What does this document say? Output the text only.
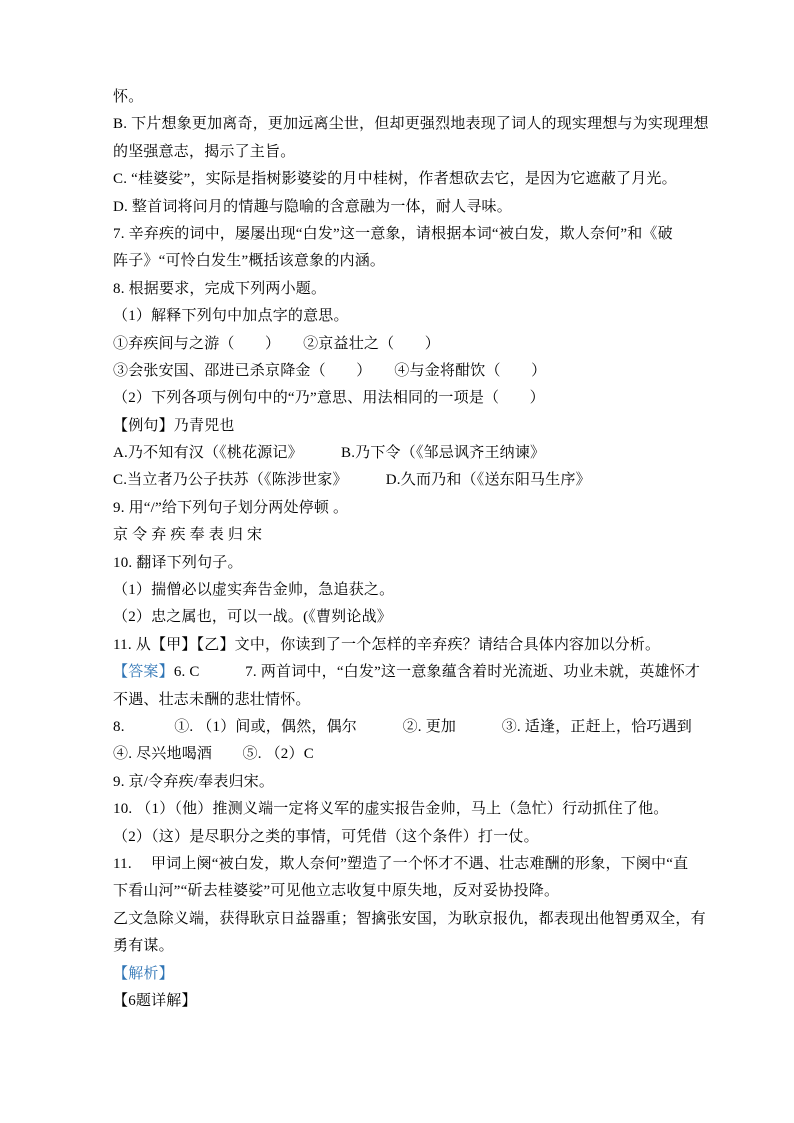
怀。
B. 下片想象更加离奇，更加远离尘世，但却更强烈地表现了词人的现实理想与为实现理想
的坚强意志，揭示了主旨。
C. “桂婆娑”，实际是指树影婆娑的月中桂树，作者想砍去它，是因为它遮蔽了月光。
D. 整首词将问月的情趣与隐喻的含意融为一体，耐人寻味。
7. 辛弃疾的词中，屡屡出现“白发”这一意象，请根据本词“被白发，欺人奈何”和《破
阵子》“可怜白发生”概括该意象的内涵。
8. 根据要求，完成下列两小题。
（1）解释下列句中加点字的意思。
①弃疾间与之游（　　）　　②京益壮之（　　）
③会张安国、邵进已杀京降金（　　）　　④与金将酣饮（　　）
（2）下列各项与例句中的“乃”意思、用法相同的一项是（　　）
【例句】乃青兕也
A.乃不知有汉（《桃花源记》　　　B.乃下令（《邹忌讽齐王纳谏》
C.当立者乃公子扶苏（《陈涉世家》　　　D.久而乃和（《送东阳马生序》
9. 用“/”给下列句子划分两处停顿 。
京 令 弃 疾 奉 表 归 宋
10. 翻译下列句子。
（1）揣僧必以虚实奔告金帅，急追获之。
（2）忠之属也，可以一战。(《曹刿论战》
11. 从【甲】【乙】文中，你读到了一个怎样的辛弃疾？请结合具体内容加以分析。
【答案】6. C　　　7. 两首词中，“白发”这一意象蕴含着时光流逝、功业未就，英雄怀才
不遇、壮志未酬的悲壮情怀。
8. 　　　①. （1）间或，偶然，偶尔　　　②. 更加　　　③. 适逢，正赶上，恰巧遇到
④. 尽兴地喝酒　　⑤. （2）C
9. 京/令弃疾/奉表归宋。
10. （1）（他）推测义端一定将义军的虚实报告金帅，马上（急忙）行动抓住了他。
（2）（这）是尽职分之类的事情，可凭借（这个条件）打一仗。
11. 　甲词上阕“被白发，欺人奈何”塑造了一个怀才不遇、壮志难酬的形象，下阕中“直
下看山河”“斫去桂婆娑”可见他立志收复中原失地，反对妥协投降。
乙文急除义端，获得耿京日益器重；智擒张安国，为耿京报仇，都表现出他智勇双全，有
勇有谋。
【解析】
【6题详解】
